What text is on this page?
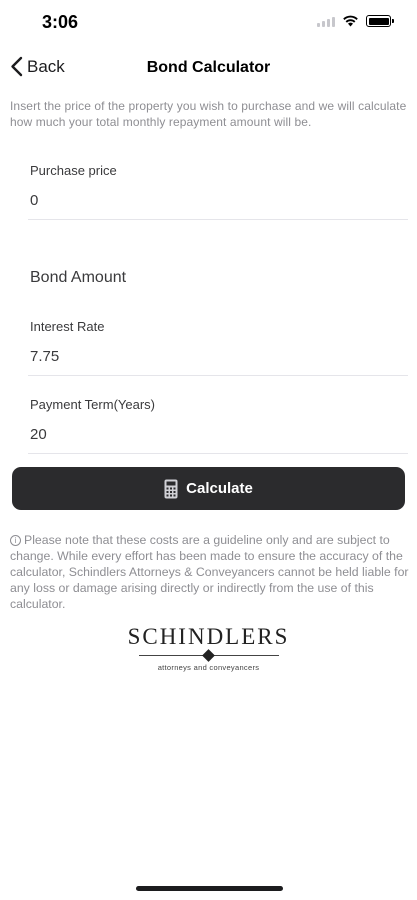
3:06
Back	Bond Calculator
Insert the price of the property you wish to purchase and we will calculate how much your total monthly repayment amount will be.
Purchase price
0
Bond Amount
Interest Rate
7.75
Payment Term(Years)
20
Calculate
i Please note that these costs are a guideline only and are subject to change. While every effort has been made to ensure the accuracy of the calculator, Schindlers Attorneys & Conveyancers cannot be held liable for any loss or damage arising directly or indirectly from the use of this calculator.
SCHINDLERS
attorneys and conveyancers
